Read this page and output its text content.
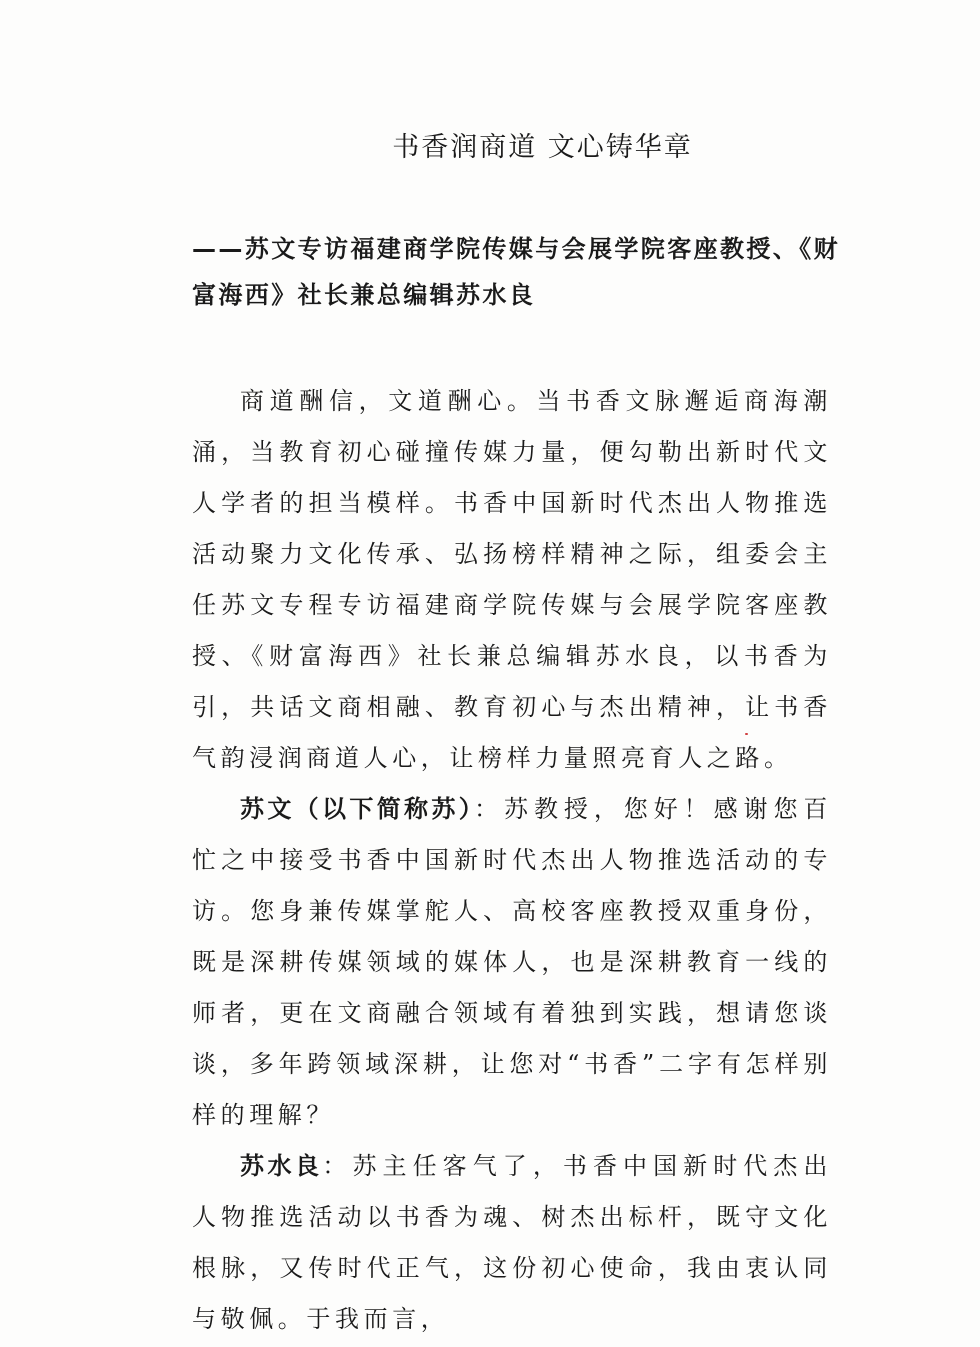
书香润商道 文心铸华章
——苏文专访福建商学院传媒与会展学院客座教授、《财富海西》社长兼总编辑苏水良

商道酬信，文道酬心。当书香文脉邂逅商海潮涌，当教育初心碰撞传媒力量，便勾勒出新时代文人学者的担当模样。书香中国新时代杰出人物推选活动聚力文化传承、弘扬榜样精神之际，组委会主任苏文专程专访福建商学院传媒与会展学院客座教授、《财富海西》社长兼总编辑苏水良，以书香为引，共话文商相融、教育初心与杰出精神，让书香气韵浸润商道人心，让榜样力量照亮育人之路。

苏文（以下简称苏）：苏教授，您好！感谢您百忙之中接受书香中国新时代杰出人物推选活动的专访。您身兼传媒掌舵人、高校客座教授双重身份，既是深耕传媒领域的媒体人，也是深耕教育一线的师者，更在文商融合领域有着独到实践，想请您谈谈，多年跨领域深耕，让您对“书香”二字有怎样别样的理解？

苏水良：苏主任客气了，书香中国新时代杰出人物推选活动以书香为魂、树杰出标杆，既守文化根脉，又传时代正气，这份初心使命，我由衷认同与敬佩。于我而言，
